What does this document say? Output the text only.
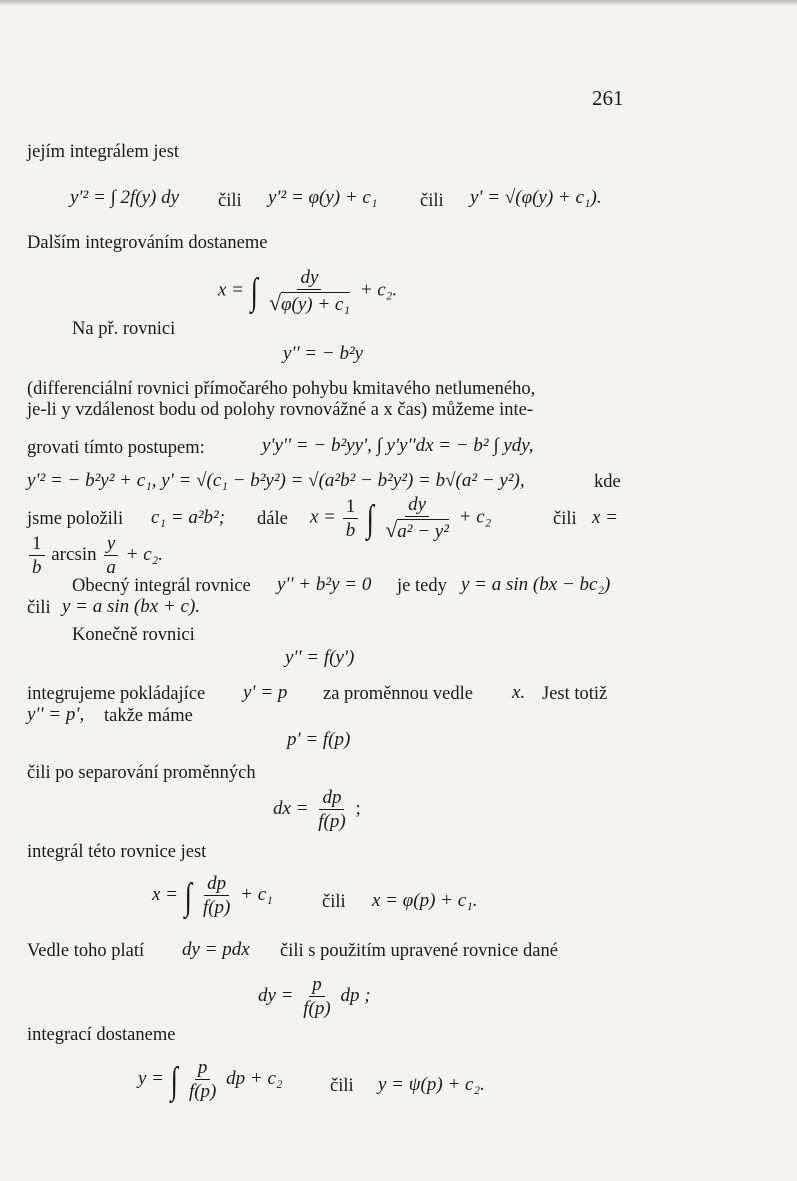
261
jejím integrálem jest
y'² = ∫ 2f(y) dy čili y'² = φ(y) + c₁ čili y' = √(φ(y) + c₁).
Dalším integrováním dostaneme
x = ∫ $\frac{dy}{\text{√φ(y) + c₁}} + c_2$.
Na př. rovnici
y'' = − b²y
(differenciální rovnici přímočarého pohybu kmitavého netlumeného,
je-li y vzdálenost bodu od polohy rovnovážné a x čas) můžeme inte-
grovati tímto postupem:	y'y'' = − b²yy', ∫ y'y''dx = − b² ∫ ydy,
y'² = − b²y² + c₁, y' = √(c₁ − b²y²) = √(a²b² − b²y²) = b√(a² − y²),	kde
jsme položili c₁ = a²b²; dále $x = \frac{1}{b}$ ∫ $\frac{dy}{\text{√a² − y²}} + c_2$	čili x =
$\frac{1}{b}$ $\arcsin \frac{y}{a} + c_2$.
Obecný integrál rovnice y'' + b²y = 0 je tedy y = a sin (bx − bc₂)
čili y = a sin (bx + c).
Konečně rovnici
y'' = f(y')
integrujeme pokládajíce y' = p za proměnnou vedle x. Jest totiž
y'' = p', takže máme
p' = f(p)
čili po separování proměnných
dx = $\frac{dp}{f(p)}$ ;
integrál této rovnice jest
x = ∫ $\frac{dp}{f(p)} + c_1$	čili x = φ(p) + c₁.
Vedle toho platí dy = pdx čili s použitím upravené rovnice dané
dy = $\frac{p}{f(p)}$ dp ;
integrací dostaneme
y = ∫ $\frac{p}{f(p)}$ dp + c₂	čili y = ψ(p) + c₂.
